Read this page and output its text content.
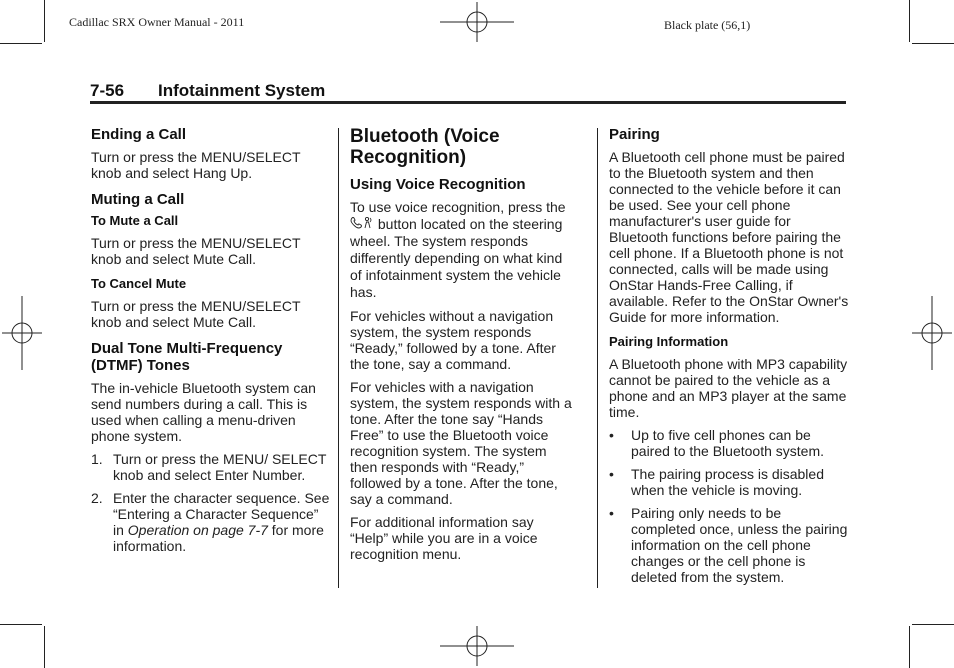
Cadillac SRX Owner Manual - 2011	Black plate (56,1)
7-56 Infotainment System
Ending a Call

Turn or press the MENU/SELECT knob and select Hang Up.

Muting a Call
To Mute a Call

Turn or press the MENU/SELECT knob and select Mute Call.

To Cancel Mute

Turn or press the MENU/SELECT knob and select Mute Call.

Dual Tone Multi-Frequency (DTMF) Tones

The in-vehicle Bluetooth system can send numbers during a call. This is used when calling a menu-driven phone system.

1. Turn or press the MENU/ SELECT knob and select Enter Number.
2. Enter the character sequence. See “Entering a Character Sequence” in Operation on page 7-7 for more information.
Bluetooth (Voice Recognition)
Using Voice Recognition

To use voice recognition, press the  button located on the steering wheel. The system responds differently depending on what kind of infotainment system the vehicle has.

For vehicles without a navigation system, the system responds “Ready,” followed by a tone. After the tone, say a command.

For vehicles with a navigation system, the system responds with a tone. After the tone say “Hands Free” to use the Bluetooth voice recognition system. The system then responds with “Ready,” followed by a tone. After the tone, say a command.

For additional information say “Help” while you are in a voice recognition menu.

Pairing

A Bluetooth cell phone must be paired to the Bluetooth system and then connected to the vehicle before it can be used. See your cell phone manufacturer's user guide for Bluetooth functions before pairing the cell phone. If a Bluetooth phone is not connected, calls will be made using OnStar Hands-Free Calling, if available. Refer to the OnStar Owner's Guide for more information.

Pairing Information

A Bluetooth phone with MP3 capability cannot be paired to the vehicle as a phone and an MP3 player at the same time.

• Up to five cell phones can be paired to the Bluetooth system.
• The pairing process is disabled when the vehicle is moving.
• Pairing only needs to be completed once, unless the pairing information on the cell phone changes or the cell phone is deleted from the system.
